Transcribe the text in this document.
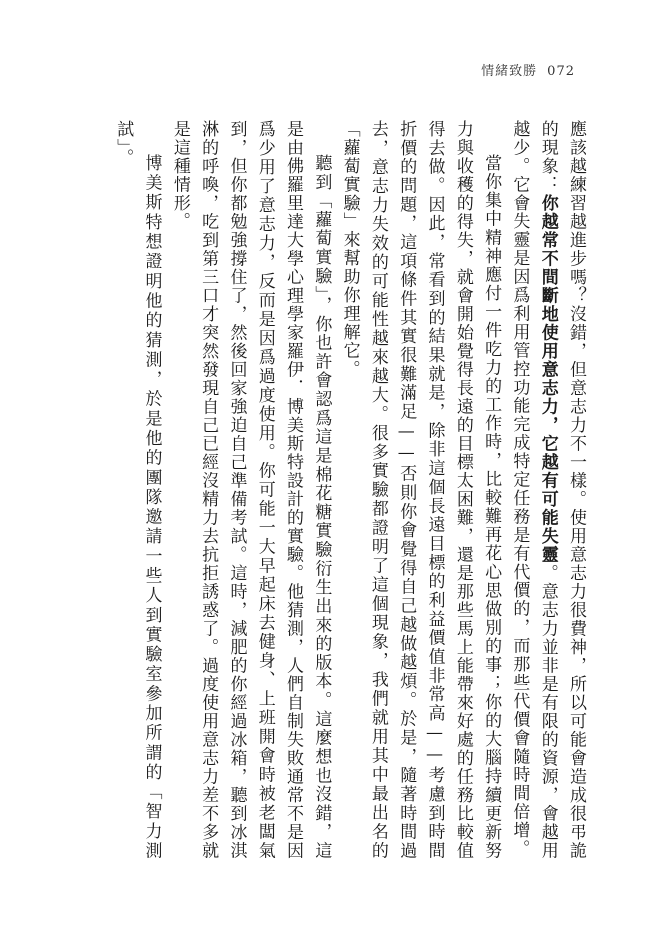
情緒致勝 072

應該越練習越進步嗎？沒錯，但意志力不一樣。使用意志力很費神，所以可能會造成很弔詭的現象：你越常不間斷地使用意志力，它越有可能失靈。意志力並非是有限的資源，會越用越少。它會失靈是因爲利用管控功能完成特定任務是有代價的，而那些代價會隨時間倍增。

當你集中精神應付一件吃力的工作時，比較難再花心思做別的事；你的大腦持續更新努力與收穫的得失，就會開始覺得長遠的目標太困難，還是那些馬上能帶來好處的任務比較值得去做。因此，常看到的結果就是，除非這個長遠目標的利益價值非常高——考慮到時間折價的問題，這項條件其實很難滿足——否則你會覺得自己越做越煩。於是，隨著時間過去，意志力失效的可能性越來越大。很多實驗都證明了這個現象，我們就用其中最出名的「蘿蔔實驗」來幫助你理解它。

聽到「蘿蔔實驗」，你也許會認爲這是棉花糖實驗衍生出來的版本。這麼想也沒錯，這是由佛羅里達大學心理學家羅伊．博美斯特設計的實驗。他猜測，人們自制失敗通常不是因爲少用了意志力，反而是因爲過度使用。你可能一大早起床去健身、上班開會時被老闆氣到，但你都勉強撐住了，然後回家強迫自己準備考試。這時，減肥的你經過冰箱，聽到冰淇淋的呼喚，吃到第三口才突然發現自己已經沒精力去抗拒誘惑了。過度使用意志力差不多就是這種情形。

博美斯特想證明他的猜測，於是他的團隊邀請一些人到實驗室參加所謂的「智力測試」。
